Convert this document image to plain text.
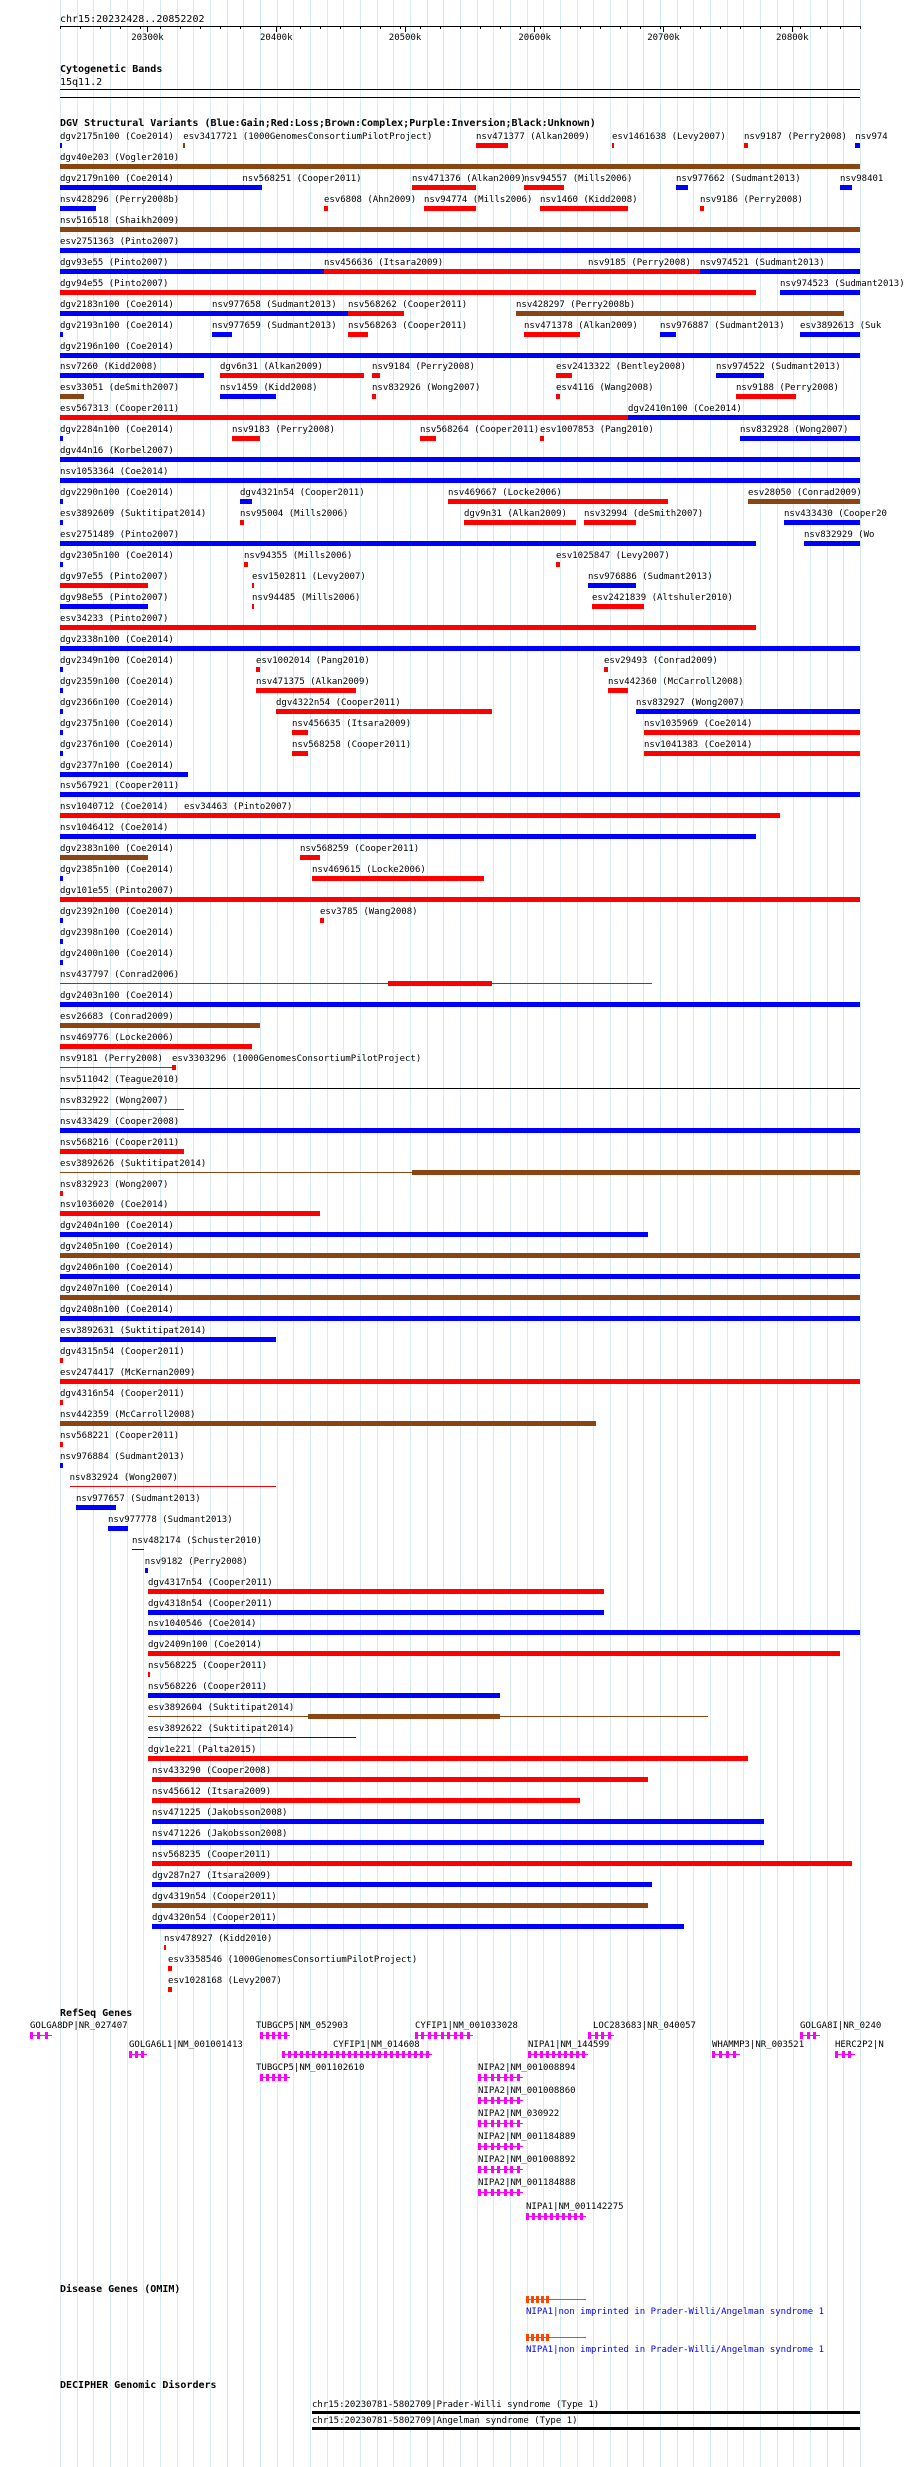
chr15:20232428..20852202
20300k	20400k	20500k	20600k	20700k	20800k
Cytogenetic Bands
15q11.2
DGV Structural Variants (Blue:Gain;Red:Loss;Brown:Complex;Purple:Inversion;Black:Unknown)
dgv2175n100 (Coe2014) esv3417721 (1000GenomesConsortiumPilotProject)	nsv471377 (Alkan2009) esv1461638 (Levy2007) nsv9187 (Perry2008) nsv974
dgv40e203 (Vogler2010)
dgv2179n100 (Coe2014)	nsv568251 (Cooper2011)	nsv471376 (Alkan2009)
nsv94557 (Mills2006)	nsv977662 (Sudmant2013)	nsv98401
nsv428296 (Perry2008b)	esv6808 (Ahn2009) nsv94774 (Mills2006) nsv1460 (Kidd2008)	nsv9186 (Perry2008)
nsv516518 (Shaikh2009)
esv2751363 (Pinto2007)
dgv93e55 (Pinto2007)	nsv456636 (Itsara2009)	nsv9185 (Perry2008) nsv974521 (Sudmant2013)
dgv94e55 (Pinto2007)	nsv974523 (Sudmant2013)
dgv2183n100 (Coe2014)	nsv977658 (Sudmant2013) nsv568262 (Cooper2011)	nsv428297 (Perry2008b)
dgv2193n100 (Coe2014)	nsv977659 (Sudmant2013) nsv568263 (Cooper2011)	nsv471378 (Alkan2009) nsv976887 (Sudmant2013) esv3892613 (Suk
dgv2196n100 (Coe2014)
nsv7260 (Kidd2008)	dgv6n31 (Alkan2009)	nsv9184 (Perry2008)	esv2413322 (Bentley2008)	nsv974522 (Sudmant2013)
esv33051 (deSmith2007)	nsv1459 (Kidd2008)	nsv832926 (Wong2007)	esv4116 (Wang2008)	nsv9188 (Perry2008)
esv567313 (Cooper2011)	dgv2410n100 (Coe2014)
dgv2284n100 (Coe2014)	nsv9183 (Perry2008)	nsv568264 (Cooper2011) esv1007853 (Pang2010)	nsv832928 (Wong2007)
dgv44n16 (Korbel2007)
nsv1053364 (Coe2014)
dgv2290n100 (Coe2014)	dgv4321n54 (Cooper2011)	nsv469667 (Locke2006)	esv28050 (Conrad2009)
esv3892609 (Suktitipat2014)	nsv95004 (Mills2006)	dgv9n31 (Alkan2009) nsv32994 (deSmith2007)	nsv433430 (Cooper20
esv2751489 (Pinto2007)	nsv832929 (Wo
dgv2305n100 (Coe2014)	nsv94355 (Mills2006)	esv1025847 (Levy2007)
dgv97e55 (Pinto2007)	esv1502811 (Levy2007)	nsv976886 (Sudmant2013)
dgv98e55 (Pinto2007)	nsv94485 (Mills2006)	esv2421839 (Altshuler2010)
esv34233 (Pinto2007)
dgv2338n100 (Coe2014)
dgv2349n100 (Coe2014)	esv1002014 (Pang2010)	esv29493 (Conrad2009)
dgv2359n100 (Coe2014)	nsv471375 (Alkan2009)	nsv442360 (McCarroll2008)
dgv2366n100 (Coe2014)	dgv4322n54 (Cooper2011)	nsv832927 (Wong2007)
dgv2375n100 (Coe2014)	nsv456635 (Itsara2009)	nsv1035969 (Coe2014)
dgv2376n100 (Coe2014)	nsv568258 (Cooper2011)	nsv1041383 (Coe2014)
dgv2377n100 (Coe2014)
nsv567921 (Cooper2011)
nsv1040712 (Coe2014) esv34463 (Pinto2007)
nsv1046412 (Coe2014)
dgv2383n100 (Coe2014)	nsv568259 (Cooper2011)
dgv2385n100 (Coe2014)	nsv469615 (Locke2006)
dgv101e55 (Pinto2007)
dgv2392n100 (Coe2014)	esv3785 (Wang2008)
dgv2398n100 (Coe2014)
dgv2400n100 (Coe2014)
nsv437797 (Conrad2006)
dgv2403n100 (Coe2014)
esv26683 (Conrad2009)
nsv469776 (Locke2006)
nsv9181 (Perry2008) esv3303296 (1000GenomesConsortiumPilotProject)
nsv511042 (Teague2010)
nsv832922 (Wong2007)
nsv433429 (Cooper2008)
nsv568216 (Cooper2011)
esv3892626 (Suktitipat2014)
nsv832923 (Wong2007)
nsv1036020 (Coe2014)
dgv2404n100 (Coe2014)
dgv2405n100 (Coe2014)
dgv2406n100 (Coe2014)
dgv2407n100 (Coe2014)
dgv2408n100 (Coe2014)
esv3892631 (Suktitipat2014)
dgv4315n54 (Cooper2011)
esv2474417 (McKernan2009)
dgv4316n54 (Cooper2011)
nsv442359 (McCarroll2008)
nsv568221 (Cooper2011)
nsv976884 (Sudmant2013)
nsv832924 (Wong2007)
nsv977657 (Sudmant2013)
nsv977778 (Sudmant2013)
nsv482174 (Schuster2010)
nsv9182 (Perry2008)
dgv4317n54 (Cooper2011)
dgv4318n54 (Cooper2011)
nsv1040546 (Coe2014)
dgv2409n100 (Coe2014)
nsv568225 (Cooper2011)
nsv568226 (Cooper2011)
esv3892604 (Suktitipat2014)
esv3892622 (Suktitipat2014)
dgv1e221 (Palta2015)
nsv433290 (Cooper2008)
nsv456612 (Itsara2009)
nsv471225 (Jakobsson2008)
nsv471226 (Jakobsson2008)
nsv568235 (Cooper2011)
dgv287n27 (Itsara2009)
dgv4319n54 (Cooper2011)
dgv4320n54 (Cooper2011)
nsv478927 (Kidd2010)
esv3358546 (1000GenomesConsortiumPilotProject)
esv1028168 (Levy2007)
RefSeq Genes
GOLGA8DP|NR_027407	TUBGCP5|NM_052903	CYFIP1|NM_001033028	LOC283683|NR_040057	GOLGA8I|NR_0240
GOLGA6L1|NM_001001413	CYFIP1|NM_014608	NIPA1|NM_144599	WHAMMP3|NR_003521	HERC2P2|N
TUBGCP5|NM_001102610	NIPA2|NM_001008894
NIPA2|NM_001008860
NIPA2|NM_030922
NIPA2|NM_001184889
NIPA2|NM_001008892
NIPA2|NM_001184888
NIPA1|NM_001142275
Disease Genes (OMIM)
NIPA1|non imprinted in Prader-Willi/Angelman syndrome 1
NIPA1|non imprinted in Prader-Willi/Angelman syndrome 1
DECIPHER Genomic Disorders
chr15:20230781-5802709|Prader-Willi syndrome (Type 1)
chr15:20230781-5802709|Angelman syndrome (Type 1)
